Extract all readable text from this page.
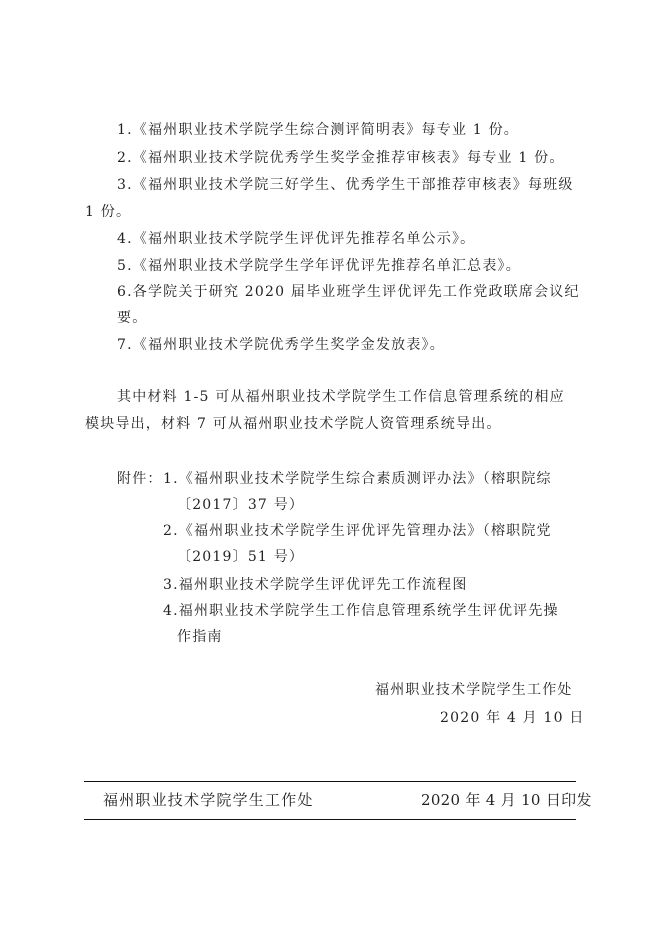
1.《福州职业技术学院学生综合测评简明表》每专业 1 份。
2.《福州职业技术学院优秀学生奖学金推荐审核表》每专业 1 份。
3.《福州职业技术学院三好学生、优秀学生干部推荐审核表》每班级
1 份。
4.《福州职业技术学院学生评优评先推荐名单公示》。
5.《福州职业技术学院学生学年评优评先推荐名单汇总表》。
6.各学院关于研究 2020 届毕业班学生评优评先工作党政联席会议纪
要。
7.《福州职业技术学院优秀学生奖学金发放表》。
其中材料 1-5 可从福州职业技术学院学生工作信息管理系统的相应
模块导出，材料 7 可从福州职业技术学院人资管理系统导出。
附件： 1.《福州职业技术学院学生综合素质测评办法》（榕职院综
〔2017〕37 号）
2.《福州职业技术学院学生评优评先管理办法》（榕职院党
〔2019〕51 号）
3.福州职业技术学院学生评优评先工作流程图
4.福州职业技术学院学生工作信息管理系统学生评优评先操
作指南
福州职业技术学院学生工作处
2020 年 4 月 10 日
福州职业技术学院学生工作处	2020 年 4 月 10 日印发
